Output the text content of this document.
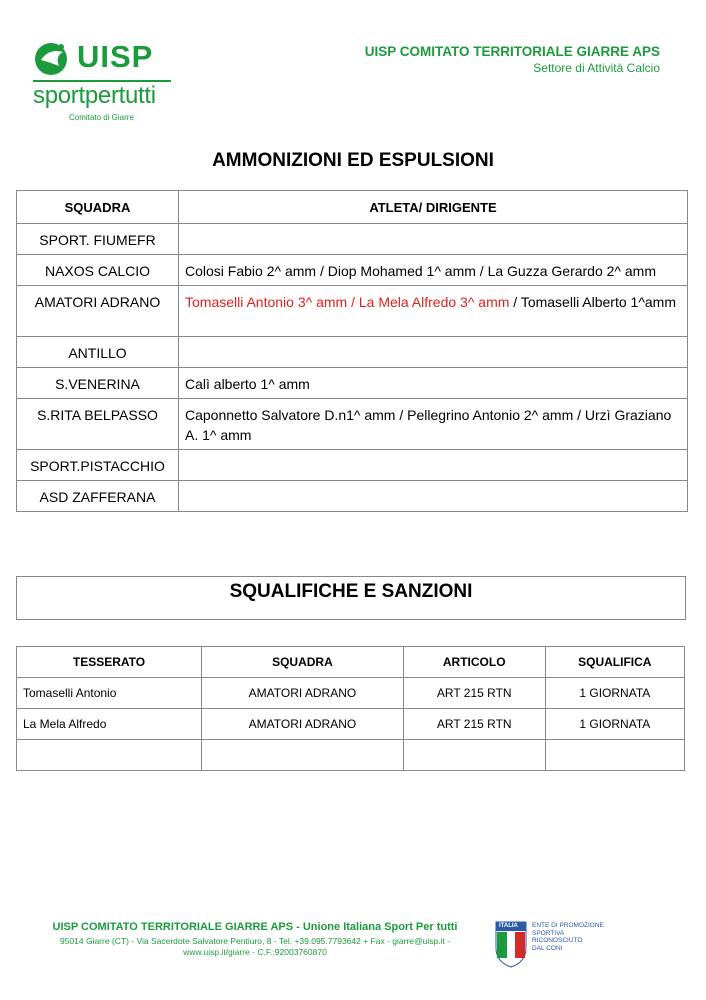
UISP
sportpertutti
Comitato di Giarre
UISP COMITATO TERRITORIALE GIARRE APS
Settore di Attività Calcio
AMMONIZIONI ED ESPULSIONI
SQUADRA	ATLETA/ DIRIGENTE
SPORT. FIUMEFR	
NAXOS CALCIO	Colosi Fabio 2^ amm / Diop Mohamed 1^ amm / La Guzza Gerardo 2^ amm
AMATORI ADRANO	Tomaselli Antonio 3^ amm / La Mela Alfredo 3^ amm / Tomaselli Alberto 1^amm
ANTILLO	
S.VENERINA	Calì alberto 1^ amm
S.RITA BELPASSO	Caponnetto Salvatore D.n1^ amm / Pellegrino Antonio 2^ amm / Urzì Graziano A. 1^ amm
SPORT.PISTACCHIO	
ASD ZAFFERANA	
SQUALIFICHE E SANZIONI
TESSERATO	SQUADRA	ARTICOLO	SQUALIFICA
Tomaselli Antonio	AMATORI ADRANO	ART 215 RTN	1 GIORNATA
La Mela Alfredo	AMATORI ADRANO	ART 215 RTN	1 GIORNATA

UISP COMITATO TERRITORIALE GIARRE APS - Unione Italiana Sport Per tutti
95014 Giarre (CT) - Via Sacerdote Salvatore Pentiuro, 8 - Tel. +39.095.7793642 + Fax - giarre@uisp.it - www.uisp.it/giarre - C.F.:92003760870
ITALIA ENTE DI PROMOZIONE
SPORTIVA
RICONOSCIUTO
DAL CONI
